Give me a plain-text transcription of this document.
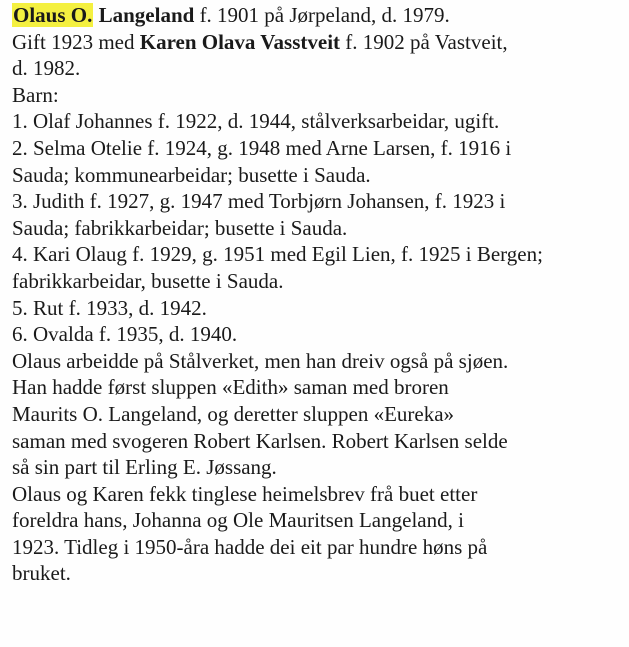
Olaus O. Langeland f. 1901 på Jørpeland, d. 1979.
Gift 1923 med Karen Olava Vasstveit f. 1902 på Vastveit,
d. 1982.
Barn:
1. Olaf Johannes f. 1922, d. 1944, stålverksarbeidar, ugift.
2. Selma Otelie f. 1924, g. 1948 med Arne Larsen, f. 1916 i
Sauda; kommunearbeidar; busette i Sauda.
3. Judith f. 1927, g. 1947 med Torbjørn Johansen, f. 1923 i
Sauda; fabrikkarbeidar; busette i Sauda.
4. Kari Olaug f. 1929, g. 1951 med Egil Lien, f. 1925 i Bergen;
fabrikkarbeidar, busette i Sauda.
5. Rut f. 1933, d. 1942.
6. Ovalda f. 1935, d. 1940.
Olaus arbeidde på Stålverket, men han dreiv også på sjøen.
Han hadde først sluppen «Edith» saman med broren
Maurits O. Langeland, og deretter sluppen «Eureka»
saman med svogeren Robert Karlsen. Robert Karlsen selde
så sin part til Erling E. Jøssang.
Olaus og Karen fekk tinglese heimelsbrev frå buet etter
foreldra hans, Johanna og Ole Mauritsen Langeland, i
1923. Tidleg i 1950-åra hadde dei eit par hundre høns på
bruket.
